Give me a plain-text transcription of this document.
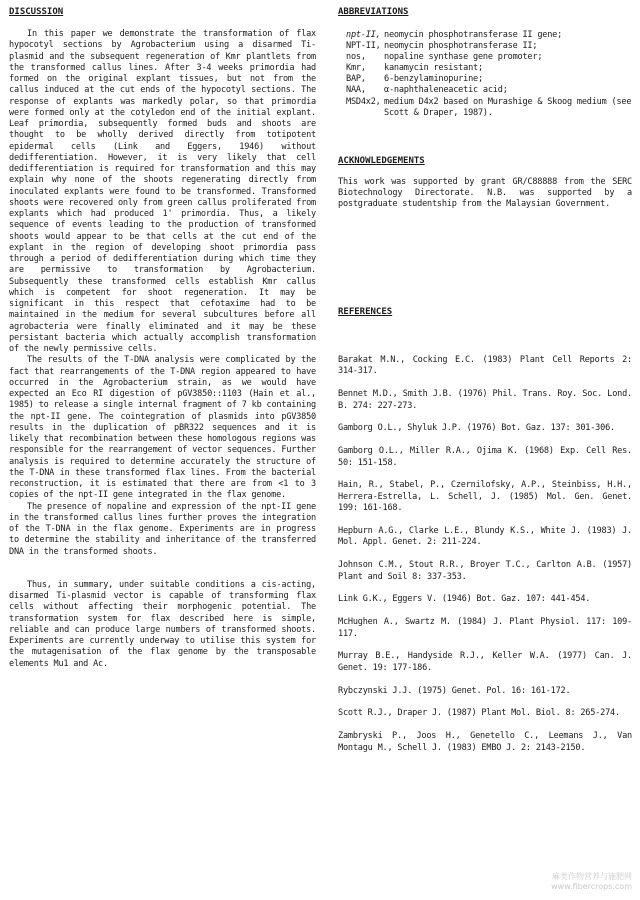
DISCUSSION

In this paper we demonstrate the transformation of flax hypocotyl sections by Agrobacterium using a disarmed Ti-plasmid and the subsequent regeneration of Kmr plantlets from the transformed callus lines. After 3-4 weeks primordia had formed on the original explant tissues, but not from the callus induced at the cut ends of the hypocotyl sections. The response of explants was markedly polar, so that primordia were formed only at the cotyledon end of the initial explant. Leaf primordia, subsequently formed buds and shoots are thought to be wholly derived directly from totipotent epidermal cells (Link and Eggers, 1946) without dedifferentiation. However, it is very likely that cell dedifferentiation is required for transformation and this may explain why none of the shoots regenerating directly from inoculated explants were found to be transformed. Transformed shoots were recovered only from green callus proliferated from explants which had produced 1' primordia. Thus, a likely sequence of events leading to the production of transformed shoots would appear to be that cells at the cut end of the explant in the region of developing shoot primordia pass through a period of dedifferentiation during which time they are permissive to transformation by Agrobacterium. Subsequently these transformed cells establish Kmr callus which is competent for shoot regeneration. It may be significant in this respect that cefotaxime had to be maintained in the medium for several subcultures before all agrobacteria were finally eliminated and it may be these persistant bacteria which actually accomplish transformation of the newly permissive cells.

The results of the T-DNA analysis were complicated by the fact that rearrangements of the T-DNA region appeared to have occurred in the Agrobacterium strain, as we would have expected an Eco RI digestion of pGV3850::1103 (Hain et al., 1985) to release a single internal fragment of 7 kb containing the npt-II gene. The cointegration of plasmids into pGV3850 results in the duplication of pBR322 sequences and it is likely that recombination between these homologous regions was responsible for the rearrangement of vector sequences. Further analysis is required to determine accurately the structure of the T-DNA in these transformed flax lines. From the bacterial reconstruction, it is estimated that there are from <1 to 3 copies of the npt-II gene integrated in the flax genome.

The presence of nopaline and expression of the npt-II gene in the transformed callus lines further proves the integration of the T-DNA in the flax genome. Experiments are in progress to determine the stability and inheritance of the transferred DNA in the transformed shoots.

Thus, in summary, under suitable conditions a cis-acting, disarmed Ti-plasmid vector is capable of transforming flax cells without affecting their morphogenic potential. The transformation system for flax described here is simple, reliable and can produce large numbers of transformed shoots. Experiments are currently underway to utilise this system for the mutagenisation of the flax genome by the transposable elements Mu1 and Ac.

ABBREVIATIONS
npt-II,	neomycin phosphotransferase II gene;
NPT-II,	neomycin phosphotransferase II;
nos,	nopaline synthase gene promoter;
Kmr,	kanamycin resistant;
BAP,	6-benzylaminopurine;
NAA,	α-naphthaleneacetic acid;
MSD4x2,	medium D4x2 based on Murashige & Skoog medium (see Scott & Draper, 1987).
ACKNOWLEDGEMENTS

This work was supported by grant GR/C88888 from the SERC Biotechnology Directorate. N.B. was supported by a postgraduate studentship from the Malaysian Government.

REFERENCES

Barakat M.N., Cocking E.C. (1983) Plant Cell Reports 2: 314-317.

Bennet M.D., Smith J.B. (1976) Phil. Trans. Roy. Soc. Lond. B. 274: 227-273.

Gamborg O.L., Shyluk J.P. (1976) Bot. Gaz. 137: 301-306.

Gamborg O.L., Miller R.A., Ojima K. (1968) Exp. Cell Res. 50: 151-158.

Hain, R., Stabel, P., Czernilofsky, A.P., Steinbiss, H.H., Herrera-Estrella, L. Schell, J. (1985) Mol. Gen. Genet. 199: 161-168.

Hepburn A.G., Clarke L.E., Blundy K.S., White J. (1983) J. Mol. Appl. Genet. 2: 211-224.

Johnson C.M., Stout R.R., Broyer T.C., Carlton A.B. (1957) Plant and Soil 8: 337-353.

Link G.K., Eggers V. (1946) Bot. Gaz. 107: 441-454.

McHughen A., Swartz M. (1984) J. Plant Physiol. 117: 109-117.

Murray B.E., Handyside R.J., Keller W.A. (1977) Can. J. Genet. 19: 177-186.

Rybczynski J.J. (1975) Genet. Pol. 16: 161-172.

Scott R.J., Draper J. (1987) Plant Mol. Biol. 8: 265-274.

Zambryski P., Joos H., Genetello C., Leemans J., Van Montagu M., Schell J. (1983) EMBO J. 2: 2143-2150.

麻类作物营养与施肥网
www.fibercrops.com
